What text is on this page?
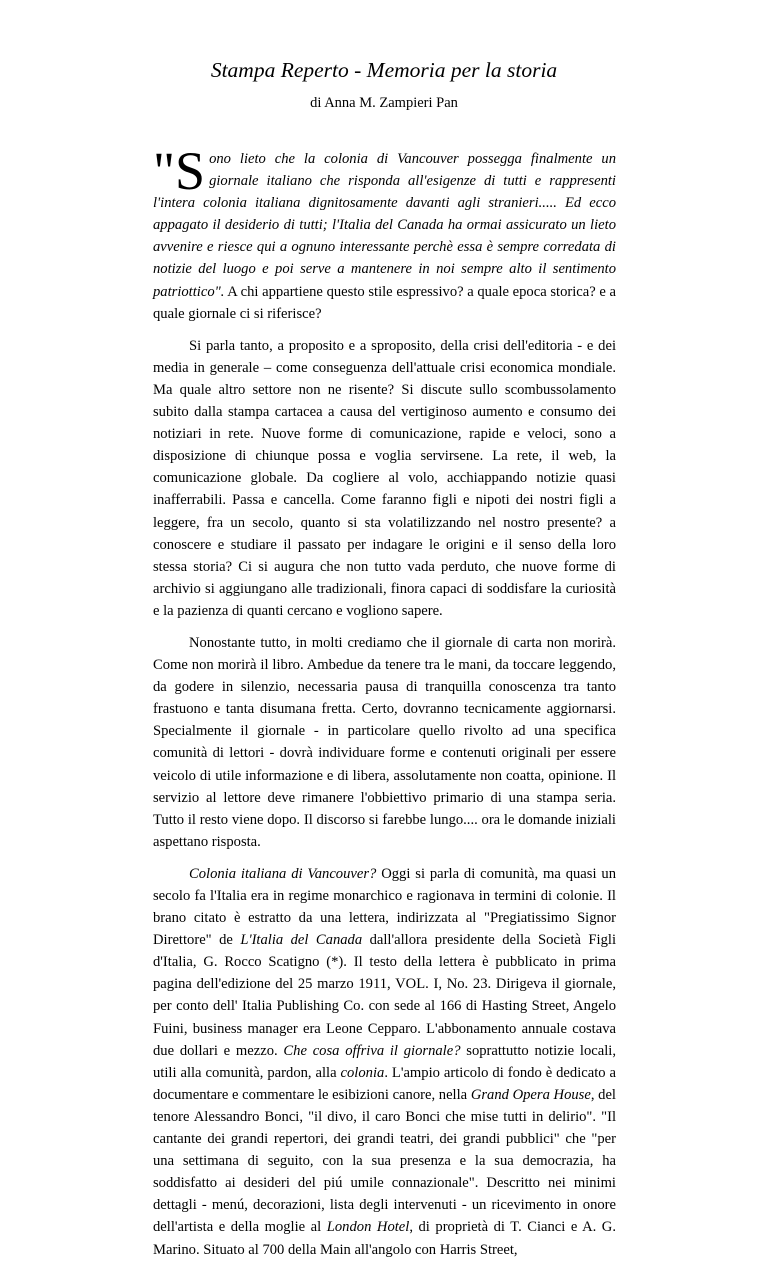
Stampa Reperto - Memoria per la storia
di Anna M. Zampieri Pan

"Sono lieto che la colonia di Vancouver possegga finalmente un giornale italiano che risponda all'esigenze di tutti e rappresenti l'intera colonia italiana dignitosamente davanti agli stranieri..... Ed ecco appagato il desiderio di tutti; l'Italia del Canada ha ormai assicurato un lieto avvenire e riesce qui a ognuno interessante perchè essa è sempre corredata di notizie del luogo e poi serve a mantenere in noi sempre alto il sentimento patriottico". A chi appartiene questo stile espressivo? a quale epoca storica? e a quale giornale ci si riferisce?

Si parla tanto, a proposito e a sproposito, della crisi dell'editoria - e dei media in generale – come conseguenza dell'attuale crisi economica mondiale. Ma quale altro settore non ne risente? Si discute sullo scombussolamento subito dalla stampa cartacea a causa del vertiginoso aumento e consumo dei notiziari in rete. Nuove forme di comunicazione, rapide e veloci, sono a disposizione di chiunque possa e voglia servirsene. La rete, il web, la comunicazione globale. Da cogliere al volo, acchiappando notizie quasi inafferrabili. Passa e cancella. Come faranno figli e nipoti dei nostri figli a leggere, fra un secolo, quanto si sta volatilizzando nel nostro presente? a conoscere e studiare il passato per indagare le origini e il senso della loro stessa storia? Ci si augura che non tutto vada perduto, che nuove forme di archivio si aggiungano alle tradizionali, finora capaci di soddisfare la curiosità e la pazienza di quanti cercano e vogliono sapere.

Nonostante tutto, in molti crediamo che il giornale di carta non morirà. Come non morirà il libro. Ambedue da tenere tra le mani, da toccare leggendo, da godere in silenzio, necessaria pausa di tranquilla conoscenza tra tanto frastuono e tanta disumana fretta. Certo, dovranno tecnicamente aggiornarsi. Specialmente il giornale - in particolare quello rivolto ad una specifica comunità di lettori - dovrà individuare forme e contenuti originali per essere veicolo di utile informazione e di libera, assolutamente non coatta, opinione. Il servizio al lettore deve rimanere l'obbiettivo primario di una stampa seria. Tutto il resto viene dopo. Il discorso si farebbe lungo.... ora le domande iniziali aspettano risposta.

Colonia italiana di Vancouver? Oggi si parla di comunità, ma quasi un secolo fa l'Italia era in regime monarchico e ragionava in termini di colonie. Il brano citato è estratto da una lettera, indirizzata al "Pregiatissimo Signor Direttore" de L'Italia del Canada dall'allora presidente della Società Figli d'Italia, G. Rocco Scatigno (*). Il testo della lettera è pubblicato in prima pagina dell'edizione del 25 marzo 1911, VOL. I, No. 23. Dirigeva il giornale, per conto dell' Italia Publishing Co. con sede al 166 di Hasting Street, Angelo Fuini, business manager era Leone Cepparo. L'abbonamento annuale costava due dollari e mezzo. Che cosa offriva il giornale? soprattutto notizie locali, utili alla comunità, pardon, alla colonia. L'ampio articolo di fondo è dedicato a documentare e commentare le esibizioni canore, nella Grand Opera House, del tenore Alessandro Bonci, "il divo, il caro Bonci che mise tutti in delirio". "Il cantante dei grandi repertori, dei grandi teatri, dei grandi pubblici" che "per una settimana di seguito, con la sua presenza e la sua democrazia, ha soddisfatto ai desideri del piú umile connazionale". Descritto nei minimi dettagli - menú, decorazioni, lista degli intervenuti - un ricevimento in onore dell'artista e della moglie al London Hotel, di proprietà di T. Cianci e A. G. Marino. Situato al 700 della Main all'angolo con Harris Street,
